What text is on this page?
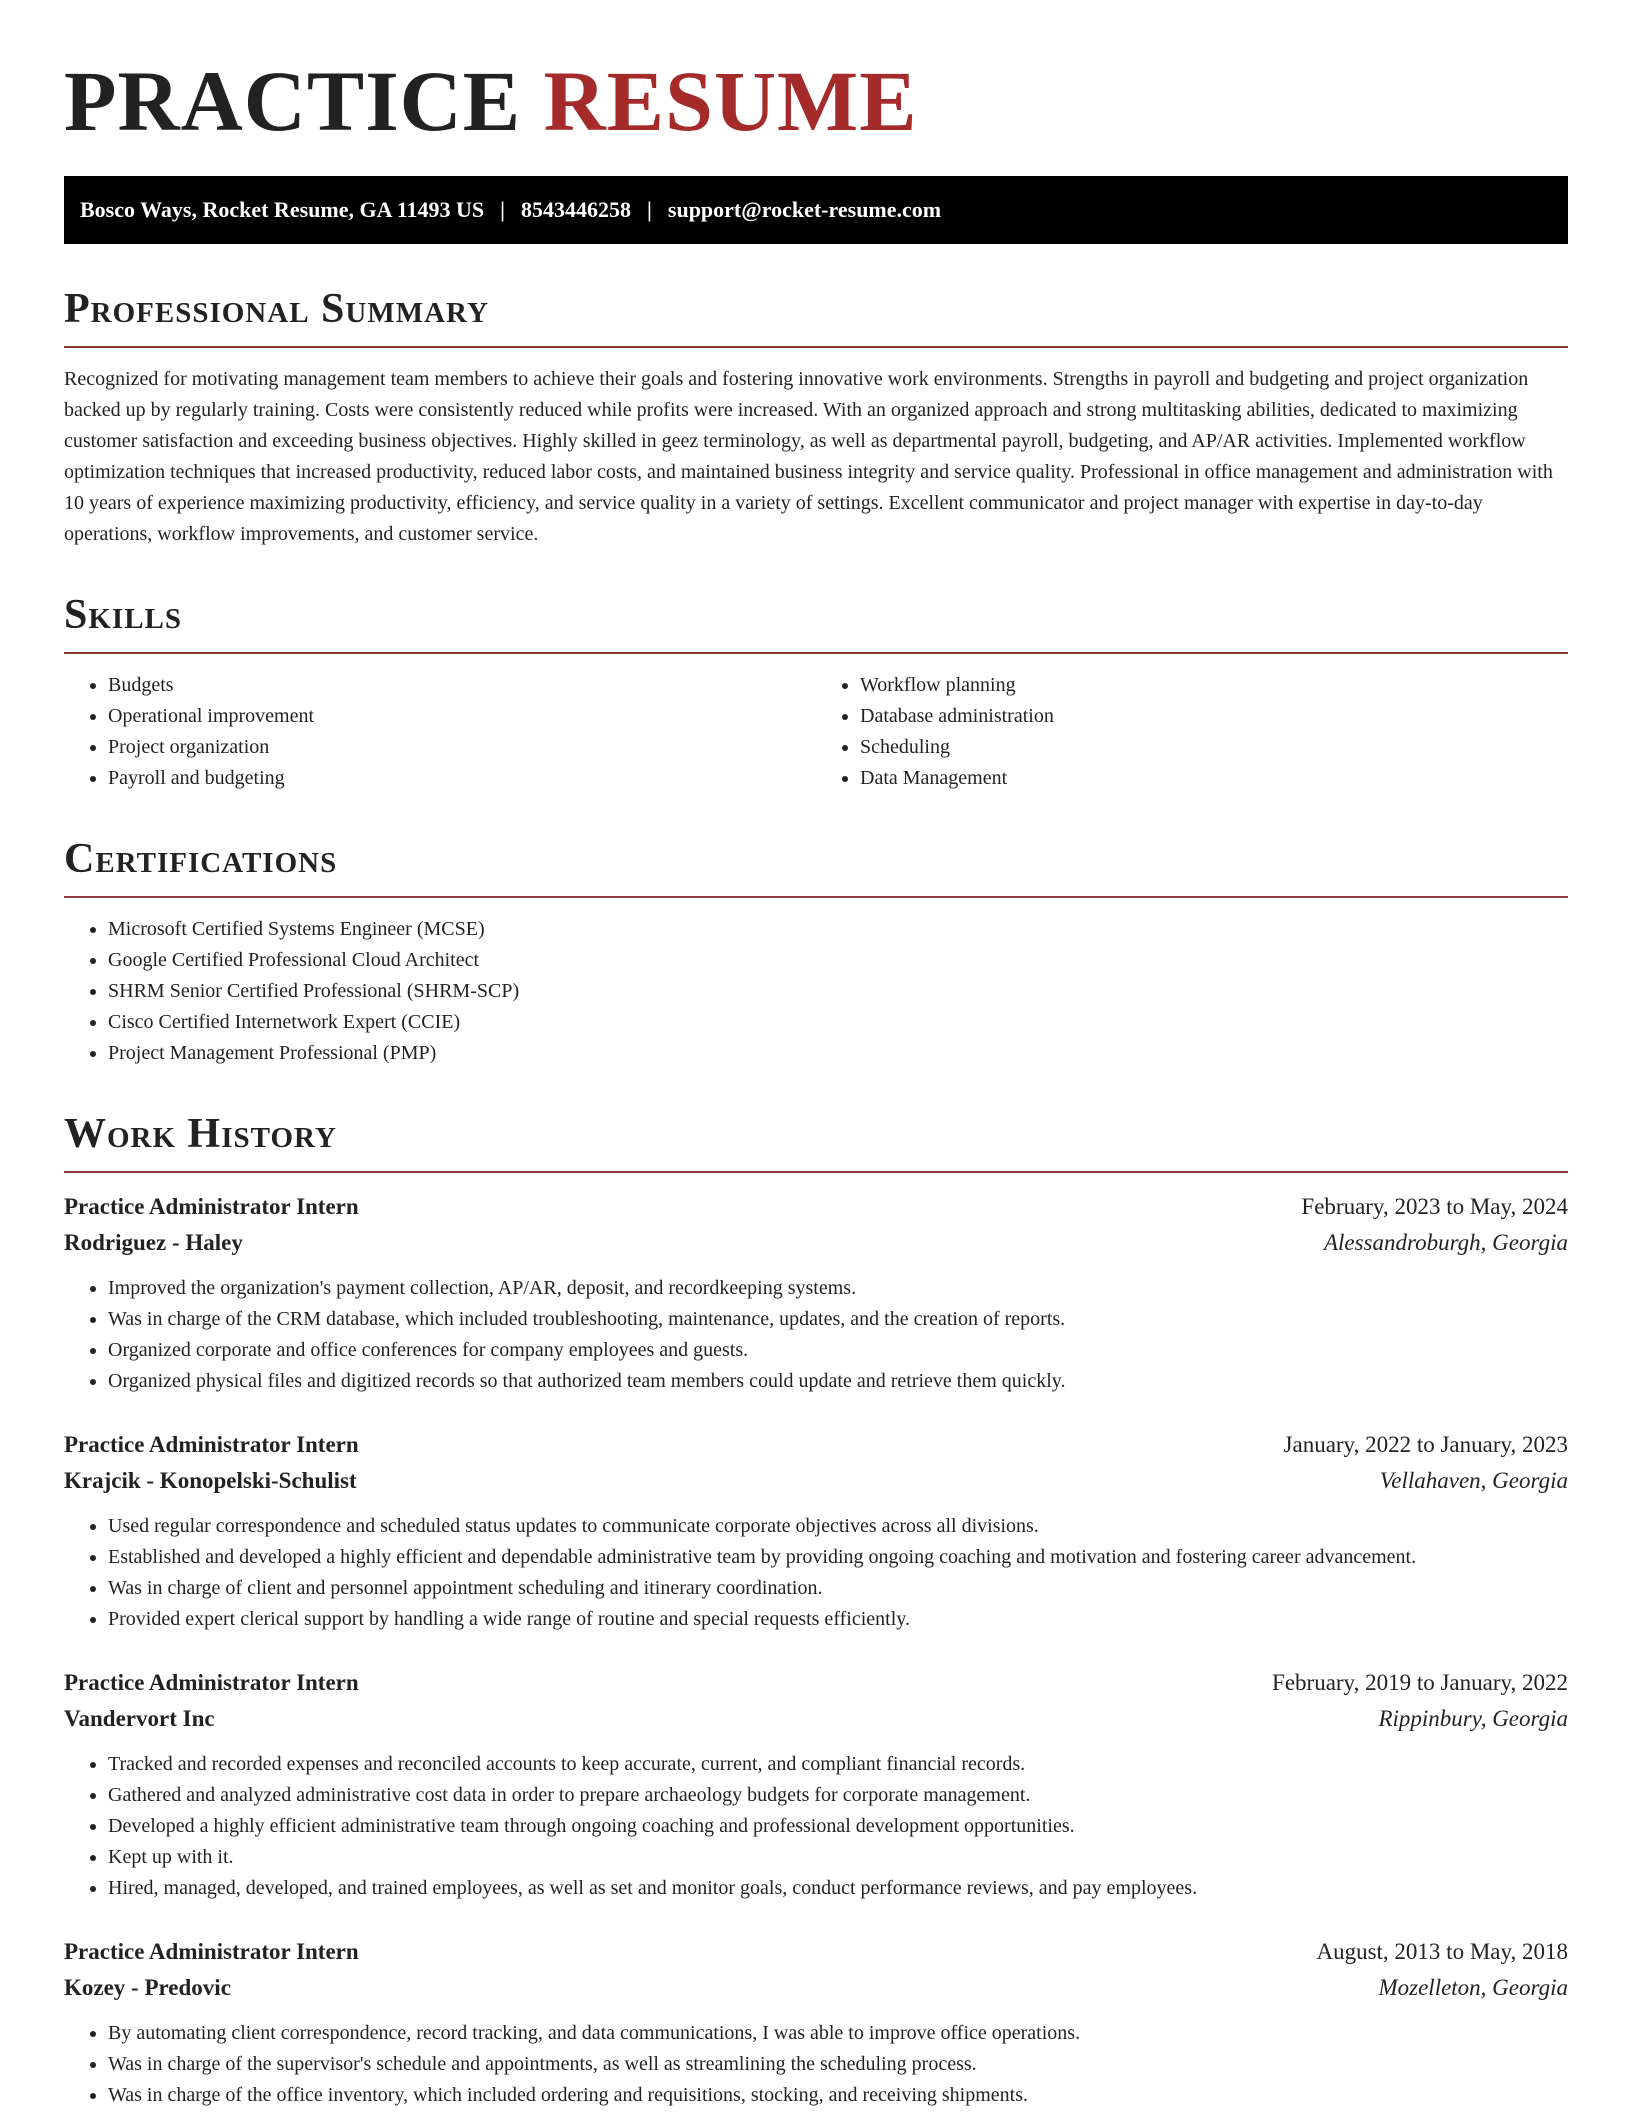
PRACTICE RESUME
Bosco Ways, Rocket Resume, GA 11493 US | 8543446258 | support@rocket-resume.com
Professional Summary

Recognized for motivating management team members to achieve their goals and fostering innovative work environments. Strengths in payroll and budgeting and project organization backed up by regularly training. Costs were consistently reduced while profits were increased. With an organized approach and strong multitasking abilities, dedicated to maximizing customer satisfaction and exceeding business objectives. Highly skilled in geez terminology, as well as departmental payroll, budgeting, and AP/AR activities. Implemented workflow optimization techniques that increased productivity, reduced labor costs, and maintained business integrity and service quality. Professional in office management and administration with 10 years of experience maximizing productivity, efficiency, and service quality in a variety of settings. Excellent communicator and project manager with expertise in day-to-day operations, workflow improvements, and customer service.

Skills
• Budgets
• Operational improvement
• Project organization
• Payroll and budgeting
• Workflow planning
• Database administration
• Scheduling
• Data Management
Certifications
• Microsoft Certified Systems Engineer (MCSE)
• Google Certified Professional Cloud Architect
• SHRM Senior Certified Professional (SHRM-SCP)
• Cisco Certified Internetwork Expert (CCIE)
• Project Management Professional (PMP)
Work History
Practice Administrator Intern	February, 2023 to May, 2024
Rodriguez - Haley	Alessandroburgh, Georgia
• Improved the organization's payment collection, AP/AR, deposit, and recordkeeping systems.
• Was in charge of the CRM database, which included troubleshooting, maintenance, updates, and the creation of reports.
• Organized corporate and office conferences for company employees and guests.
• Organized physical files and digitized records so that authorized team members could update and retrieve them quickly.
Practice Administrator Intern	January, 2022 to January, 2023
Krajcik - Konopelski-Schulist	Vellahaven, Georgia
• Used regular correspondence and scheduled status updates to communicate corporate objectives across all divisions.
• Established and developed a highly efficient and dependable administrative team by providing ongoing coaching and motivation and fostering career advancement.
• Was in charge of client and personnel appointment scheduling and itinerary coordination.
• Provided expert clerical support by handling a wide range of routine and special requests efficiently.
Practice Administrator Intern	February, 2019 to January, 2022
Vandervort Inc	Rippinbury, Georgia
• Tracked and recorded expenses and reconciled accounts to keep accurate, current, and compliant financial records.
• Gathered and analyzed administrative cost data in order to prepare archaeology budgets for corporate management.
• Developed a highly efficient administrative team through ongoing coaching and professional development opportunities.
• Kept up with it.
• Hired, managed, developed, and trained employees, as well as set and monitor goals, conduct performance reviews, and pay employees.
Practice Administrator Intern	August, 2013 to May, 2018
Kozey - Predovic	Mozelleton, Georgia
• By automating client correspondence, record tracking, and data communications, I was able to improve office operations.
• Was in charge of the supervisor's schedule and appointments, as well as streamlining the scheduling process.
• Was in charge of the office inventory, which included ordering and requisitions, stocking, and receiving shipments.
